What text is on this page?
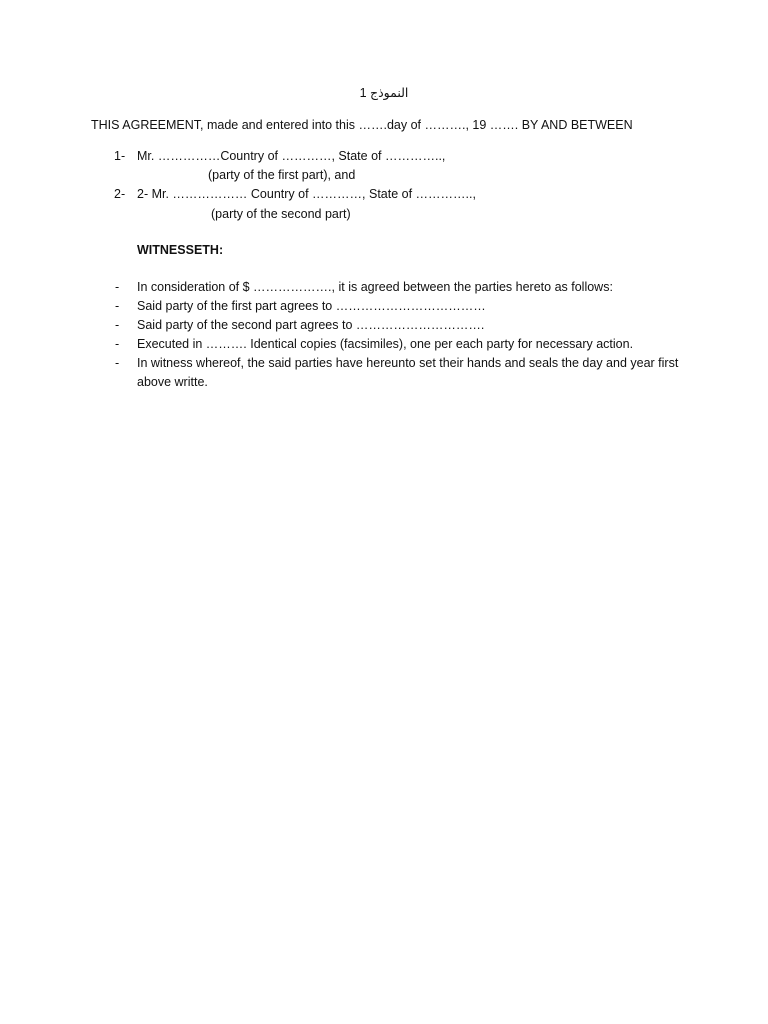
النموذج 1
THIS AGREEMENT, made and entered into this …….day of ………., 19 ……. BY AND BETWEEN
1- Mr. ……………Country of …………, State of …………..,
(party of the first part), and
2- 2- Mr. ……………… Country of …………, State of …………..,
(party of the second part)
WITNESSETH:
- In consideration of $ ………………., it is agreed between the parties hereto as follows:
- Said party of the first part agrees to ………………………………
- Said party of the second part agrees to ………………………….
- Executed in ………. Identical copies (facsimiles), one per each party for necessary action.
- In witness whereof, the said parties have hereunto set their hands and seals the day and year first above writte.
